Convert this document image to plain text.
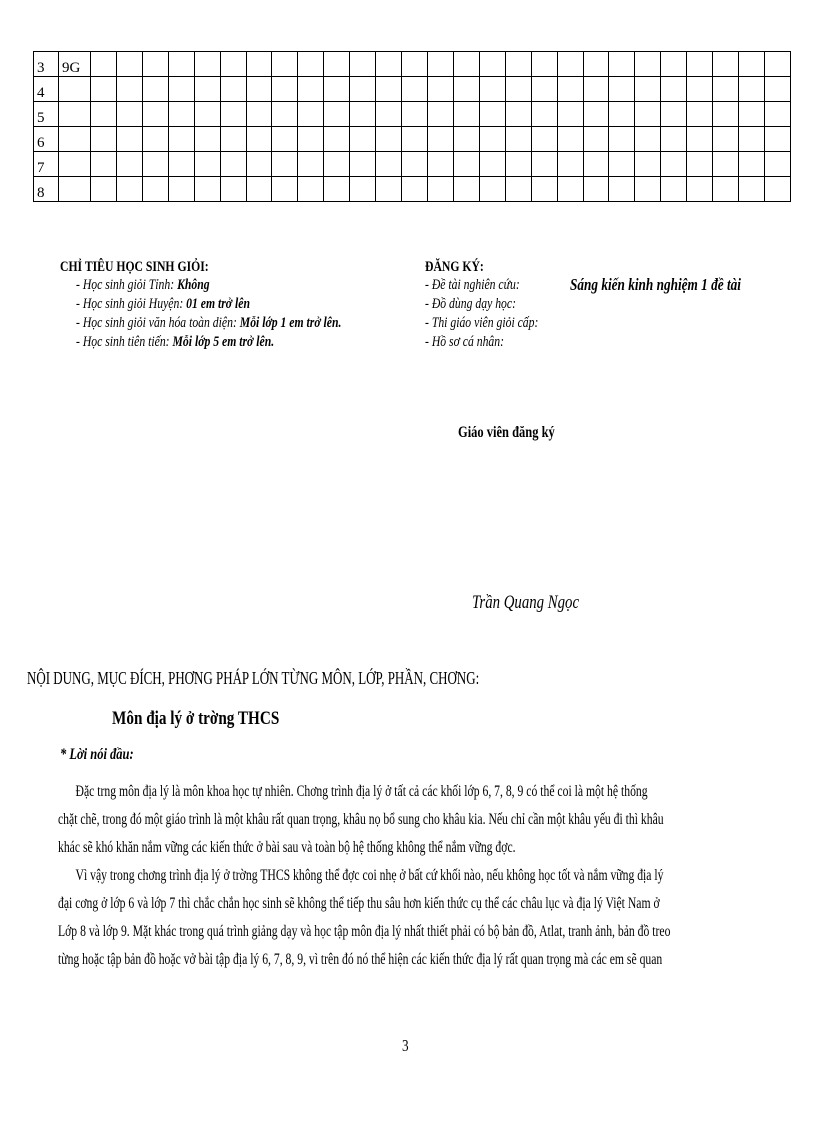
3	9G																											
4																												
5																												
6																												
7																												
8																												
CHỈ TIÊU HỌC SINH GIỎI:
- Học sinh giỏi Tỉnh: Không
- Học sinh giỏi Huyện: 01 em trở lên
- Học sinh giỏi văn hóa toàn diện: Mỗi lớp 1 em trở lên.
- Học sinh tiên tiến: Mỗi lớp 5 em trở lên.
ĐĂNG KÝ:
- Đề tài nghiên cứu:	Sáng kiến kinh nghiệm 1 đề tài
- Đồ dùng dạy học:
- Thi giáo viên giỏi cấp:
- Hồ sơ cá nhân:
Giáo viên đăng ký
Trần Quang Ngọc
NỘI DUNG, MỤC ĐÍCH, PHƠNG PHÁP LỚN TỪNG MÔN, LỚP, PHẦN, CHƠNG:
Môn địa lý ở trờng THCS
* Lời nói đầu:
Đặc trng môn địa lý là môn khoa học tự nhiên. Chơng trình địa lý ở tất cả các khối lớp 6, 7, 8, 9 có thể coi là một hệ thống
chặt chẽ, trong đó một giáo trình là một khâu rất quan trọng, khâu nọ bổ sung cho khâu kia. Nếu chỉ cần một khâu yếu đi thì khâu
khác sẽ khó khăn nắm vững các kiến thức ở bài sau và toàn bộ hệ thống không thể nắm vững đợc.
Vì vậy trong chơng trình địa lý ở trờng THCS không thể đợc coi nhẹ ở bất cứ khối nào, nếu không học tốt và nắm vững địa lý
đại cơng ở lớp 6 và lớp 7 thì chắc chắn học sinh sẽ không thể tiếp thu sâu hơn kiến thức cụ thể các châu lục và địa lý Việt Nam ở
Lớp 8 và lớp 9. Mặt khác trong quá trình giảng dạy và học tập môn địa lý nhất thiết phải có bộ bản đồ, Atlat, tranh ảnh, bản đồ treo
từng hoặc tập bản đồ hoặc vở bài tập địa lý 6, 7, 8, 9, vì trên đó nó thể hiện các kiến thức địa lý rất quan trọng mà các em sẽ quan
3
